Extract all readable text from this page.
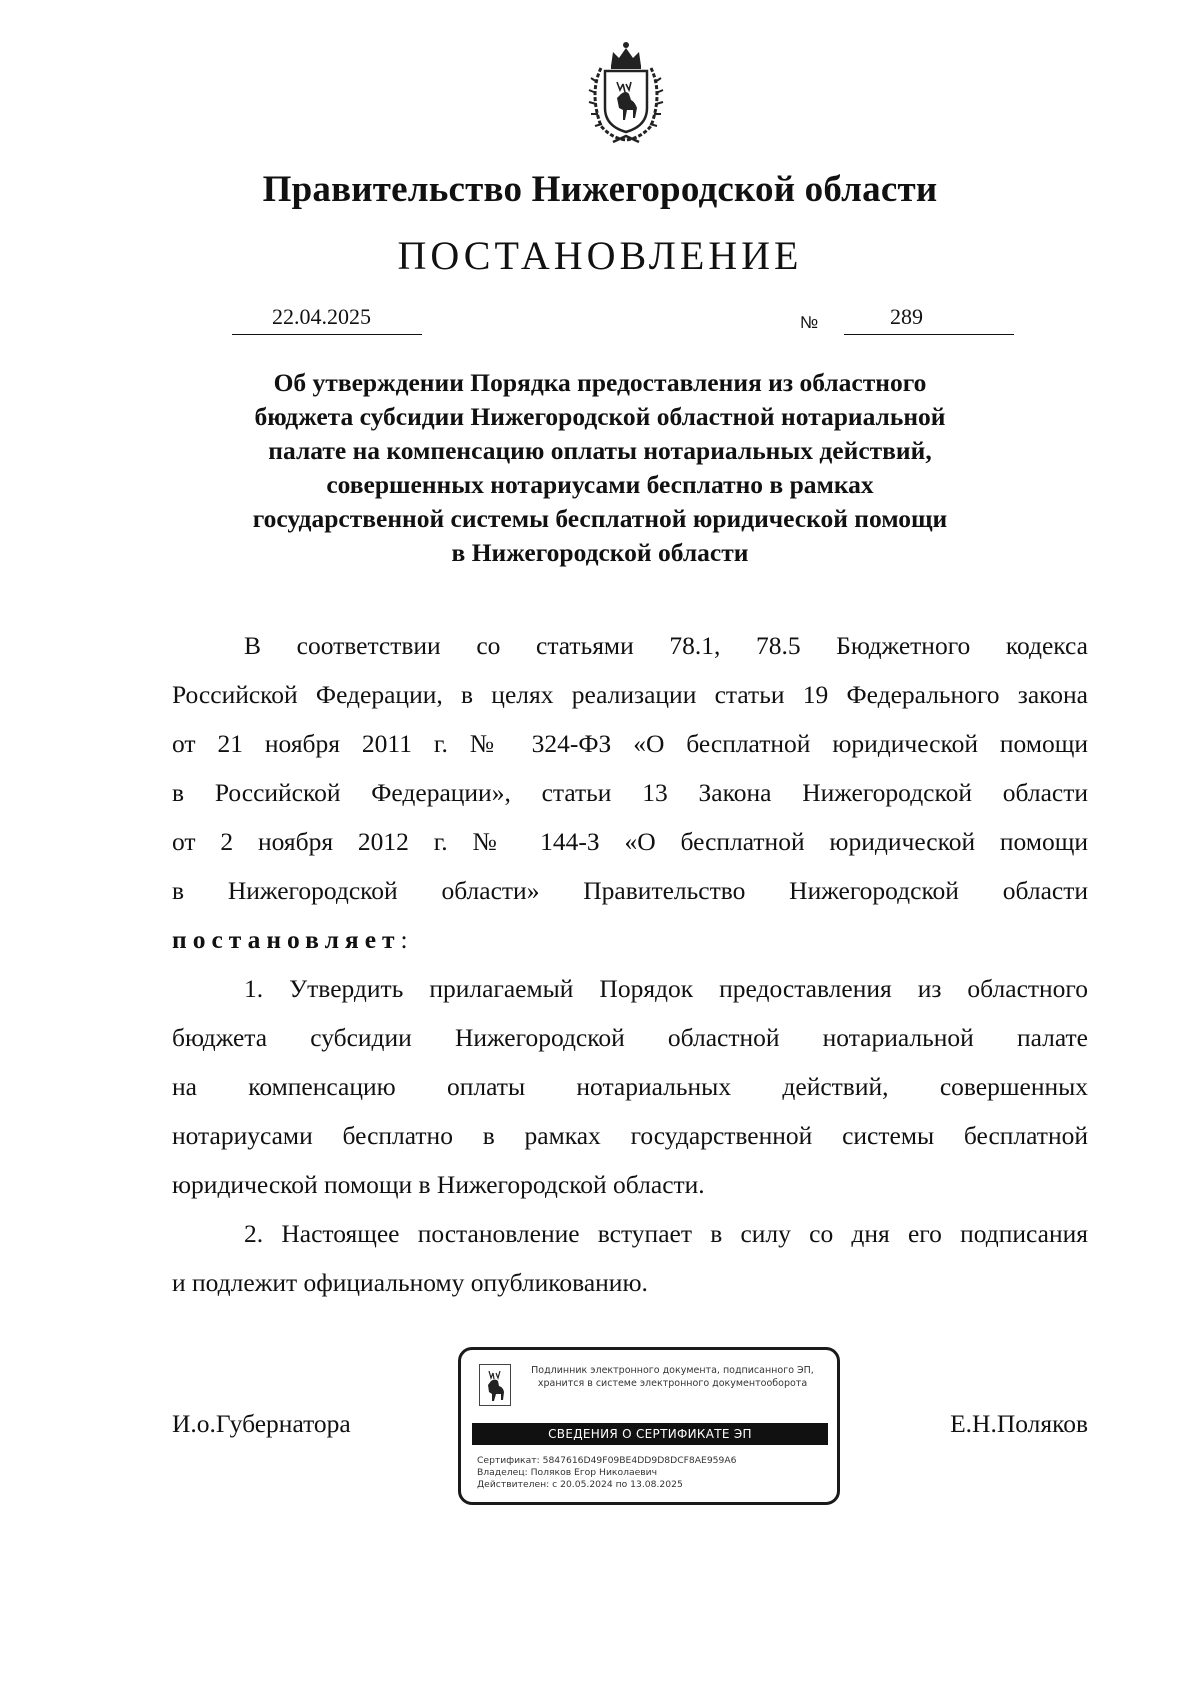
Правительство Нижегородской области
ПОСТАНОВЛЕНИЕ
22.04.2025	№	289
Об утверждении Порядка предоставления из областного
бюджета субсидии Нижегородской областной нотариальной
палате на компенсацию оплаты нотариальных действий,
совершенных нотариусами бесплатно в рамках
государственной системы бесплатной юридической помощи
в Нижегородской области
В соответствии со статьями 78.1, 78.5 Бюджетного кодекса
Российской Федерации, в целях реализации статьи 19 Федерального закона
от 21 ноября 2011 г. № 324-ФЗ «О бесплатной юридической помощи
в Российской Федерации», статьи 13 Закона Нижегородской области
от 2 ноября 2012 г. № 144-З «О бесплатной юридической помощи
в Нижегородской области» Правительство Нижегородской области
постановляет:
1. Утвердить прилагаемый Порядок предоставления из областного
бюджета субсидии Нижегородской областной нотариальной палате
на компенсацию оплаты нотариальных действий, совершенных
нотариусами бесплатно в рамках государственной системы бесплатной
юридической помощи в Нижегородской области.
2. Настоящее постановление вступает в силу со дня его подписания
и подлежит официальному опубликованию.
И.о.Губернатора	Е.Н.Поляков
Подлинник электронного документа, подписанного ЭП,
хранится в системе электронного документооборота
СВЕДЕНИЯ О СЕРТИФИКАТЕ ЭП
Сертификат: 5847616D49F09BE4DD9D8DCF8AE959A6
Владелец: Поляков Егор Николаевич
Действителен: с 20.05.2024 по 13.08.2025
